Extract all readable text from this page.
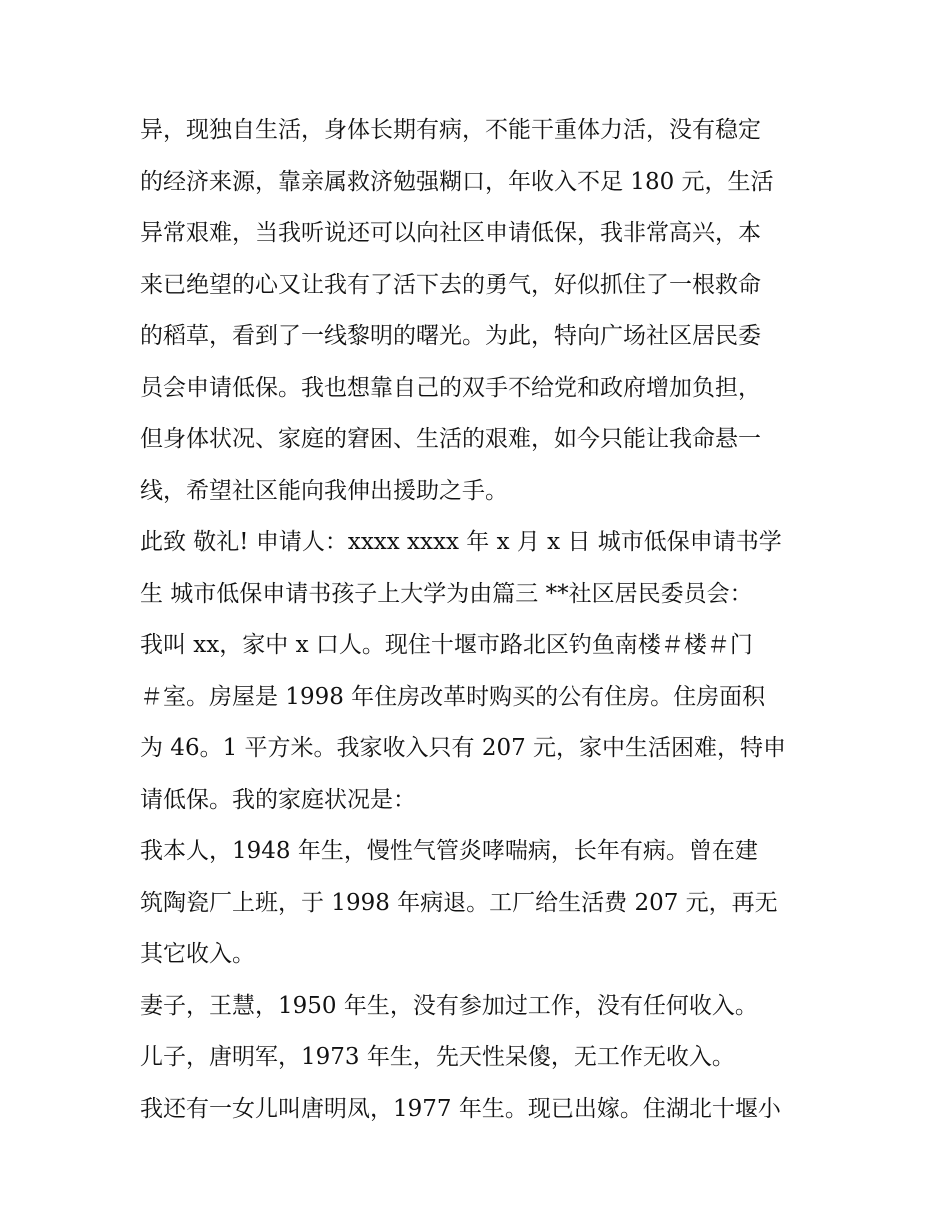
异，现独自生活，身体长期有病，不能干重体力活，没有稳定
的经济来源，靠亲属救济勉强糊口，年收入不足 180 元，生活
异常艰难，当我听说还可以向社区申请低保，我非常高兴，本
来已绝望的心又让我有了活下去的勇气，好似抓住了一根救命
的稻草，看到了一线黎明的曙光。为此，特向广场社区居民委
员会申请低保。我也想靠自己的双手不给党和政府增加负担，
但身体状况、家庭的窘困、生活的艰难，如今只能让我命悬一
线，希望社区能向我伸出援助之手。
此致 敬礼! 申请人：xxxx xxxx 年 x 月 x 日 城市低保申请书学
生 城市低保申请书孩子上大学为由篇三 **社区居民委员会：
我叫 xx，家中 x 口人。现住十堰市路北区钓鱼南楼＃楼＃门
＃室。房屋是 1998 年住房改革时购买的公有住房。住房面积
为 46。1 平方米。我家收入只有 207 元，家中生活困难，特申
请低保。我的家庭状况是：
我本人，1948 年生，慢性气管炎哮喘病，长年有病。曾在建
筑陶瓷厂上班，于 1998 年病退。工厂给生活费 207 元，再无
其它收入。
妻子，王慧，1950 年生，没有参加过工作，没有任何收入。
儿子，唐明军，1973 年生，先天性呆傻，无工作无收入。
我还有一女儿叫唐明凤，1977 年生。现已出嫁。住湖北十堰小
